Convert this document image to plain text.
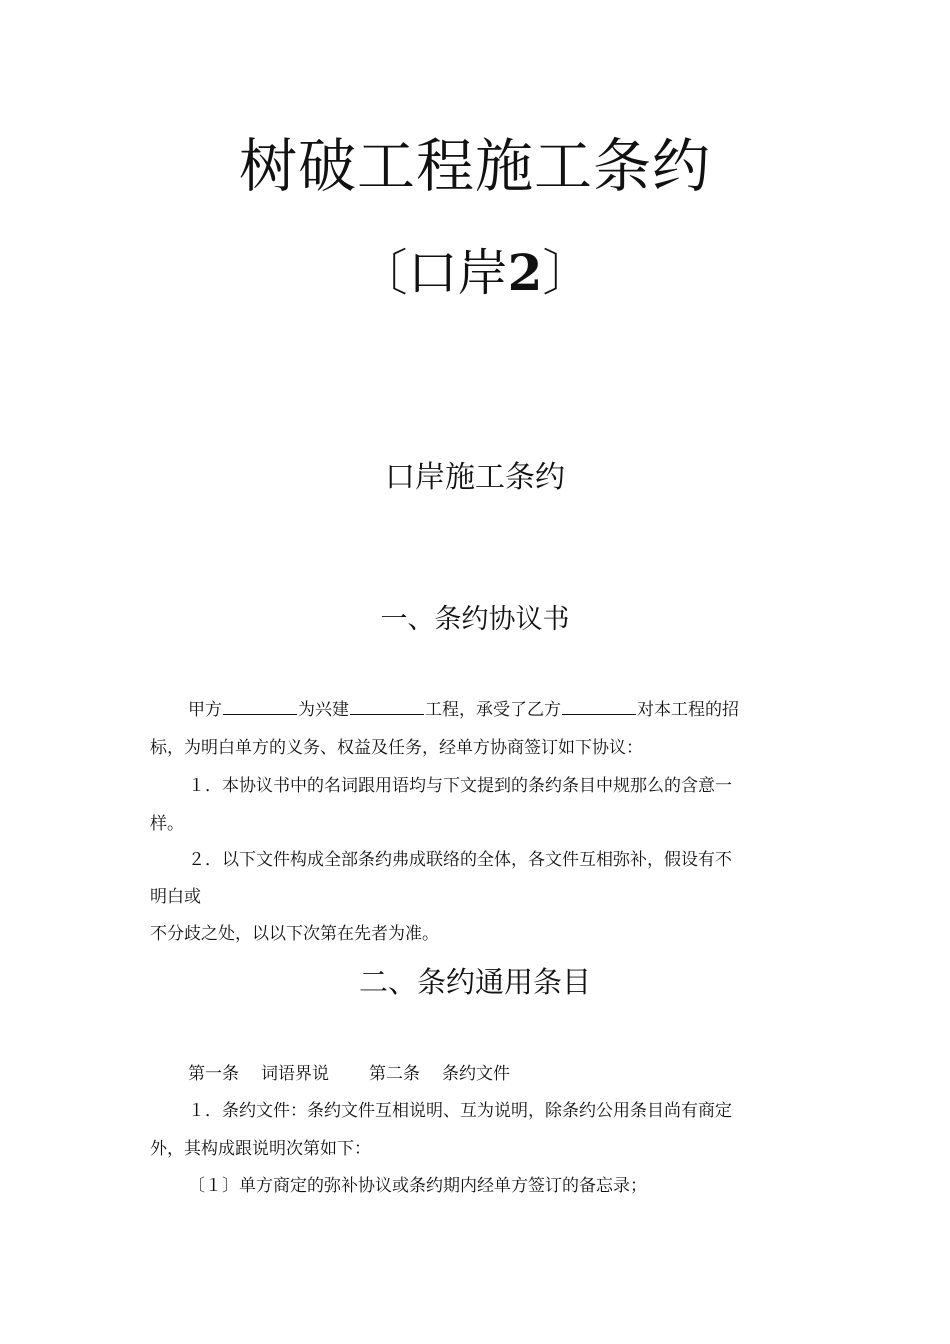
树破工程施工条约
〔口岸2〕
口岸施工条约
一、条约协议书
甲方	为兴建	工程，承受了乙方	对本工程的招
标，为明白单方的义务、权益及任务，经单方协商签订如下协议：
１．本协议书中的名词跟用语均与下文提到的条约条目中规那么的含意一
样。
２．以下文件构成全部条约弗成联络的全体，各文件互相弥补，假设有不
明白或
不分歧之处，以以下次第在先者为准。
二、条约通用条目
第一条 词语界说 第二条 条约文件
１．条约文件：条约文件互相说明、互为说明，除条约公用条目尚有商定
外，其构成跟说明次第如下：
〔１〕单方商定的弥补协议或条约期内经单方签订的备忘录；
